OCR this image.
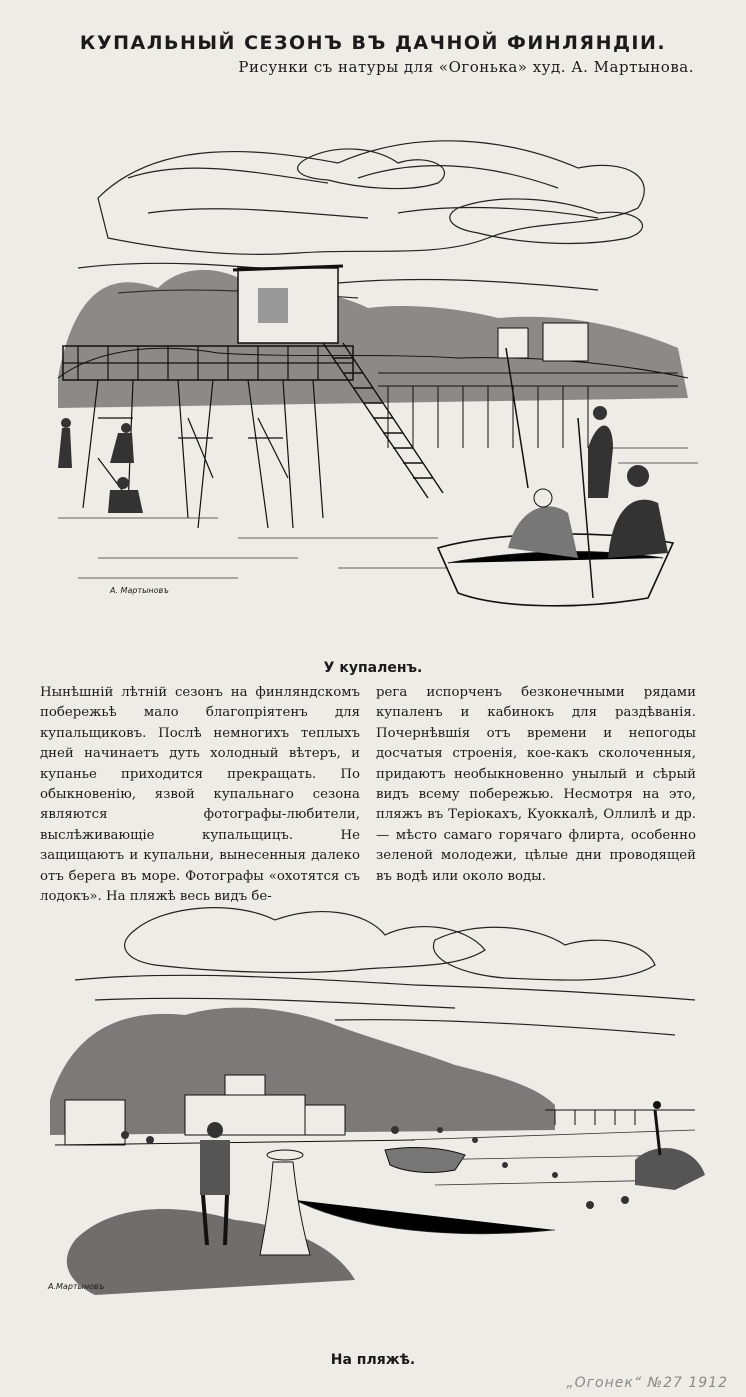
КУПАЛЬНЫЙ СЕЗОНЪ ВЪ ДАЧНОЙ ФИНЛЯНДІИ.
Рисунки съ натуры для «Огонька» худ. А. Мартынова.
А. Мартыновъ
У купаленъ.
Нынѣшній лѣтній сезонъ на финляндскомъ побережьѣ мало благопріятенъ для купальщиковъ. Послѣ немногихъ теплыхъ дней начинаетъ дуть холодный вѣтеръ, и купанье приходится прекращать. По обыкновенію, язвой купальнаго сезона являются фотографы-любители, выслѣживающіе купальщицъ. Не защищаютъ и купальни, вынесенныя далеко отъ берега въ море. Фотографы «охотятся съ лодокъ». На пляжѣ весь видъ бе-
рега испорченъ безконечными рядами купаленъ и кабинокъ для раздѣванія. Почернѣвшія отъ времени и непогоды досчатыя строенія, кое-какъ сколоченныя, придаютъ необыкновенно унылый и сѣрый видъ всему побережью. Несмотря на это, пляжъ въ Теріокахъ, Куоккалѣ, Оллилѣ и др. — мѣсто самаго горячаго флирта, особенно зеленой молодежи, цѣлые дни проводящей въ водѣ или около воды.
А.Мартыновъ
На пляжѣ.
„Огонек“ №27 1912
